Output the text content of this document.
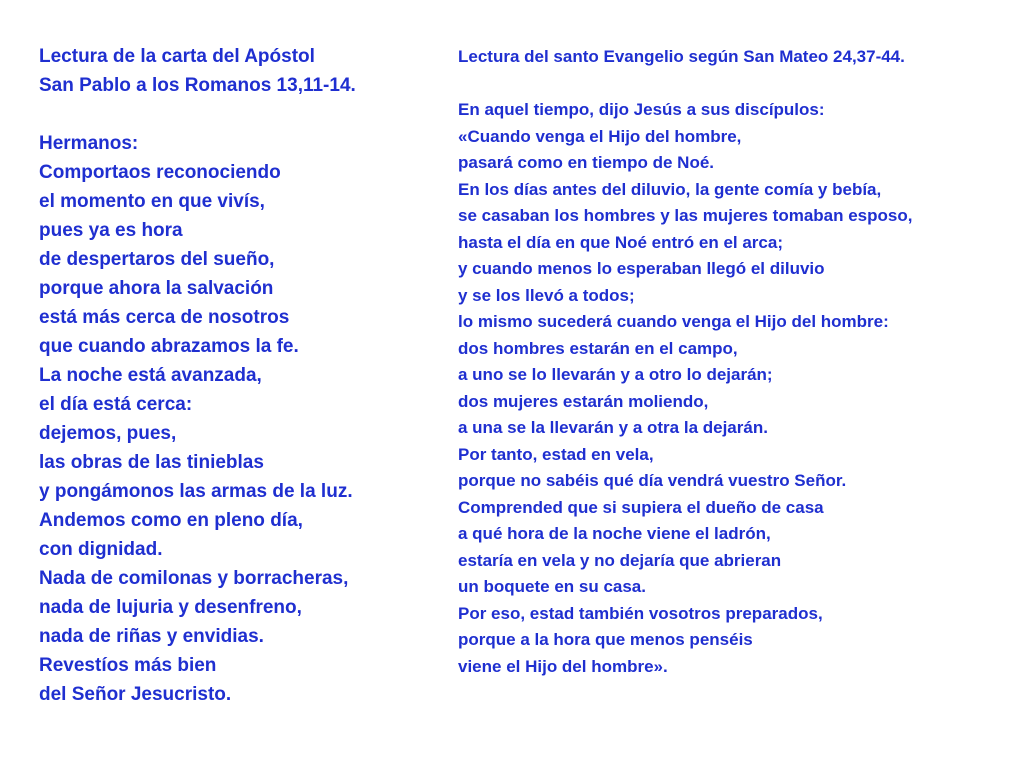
Lectura de la carta del Apóstol
San Pablo a los Romanos 13,11-14.
Hermanos:
Comportaos reconociendo
el momento en que vivís,
pues ya es hora
de despertaros del sueño,
porque ahora la salvación
está más cerca de nosotros
que cuando abrazamos la fe.
La noche está avanzada,
el día está cerca:
dejemos, pues,
las obras de las tinieblas
y pongámonos las armas de la luz.
Andemos como en pleno día,
con dignidad.
Nada de comilonas y borracheras,
nada de lujuria y desenfreno,
nada de riñas y envidias.
Revestíos más bien
del Señor Jesucristo.
Lectura del santo Evangelio según San Mateo 24,37-44.
En aquel tiempo, dijo Jesús a sus discípulos:
«Cuando venga el Hijo del hombre,
pasará como en tiempo de Noé.
En los días antes del diluvio, la gente comía y bebía,
se casaban los hombres y las mujeres tomaban esposo,
hasta el día en que Noé entró en el arca;
y cuando menos lo esperaban llegó el diluvio
y se los llevó a todos;
lo mismo sucederá cuando venga el Hijo del hombre:
dos hombres estarán en el campo,
a uno se lo llevarán y a otro lo dejarán;
dos mujeres estarán moliendo,
a una se la llevarán y a otra la dejarán.
Por tanto, estad en vela,
porque no sabéis qué día vendrá vuestro Señor.
Comprended que si supiera el dueño de casa
a qué hora de la noche viene el ladrón,
estaría en vela y no dejaría que abrieran
un boquete en su casa.
Por eso, estad también vosotros preparados,
porque a la hora que menos penséis
viene el Hijo del hombre».
